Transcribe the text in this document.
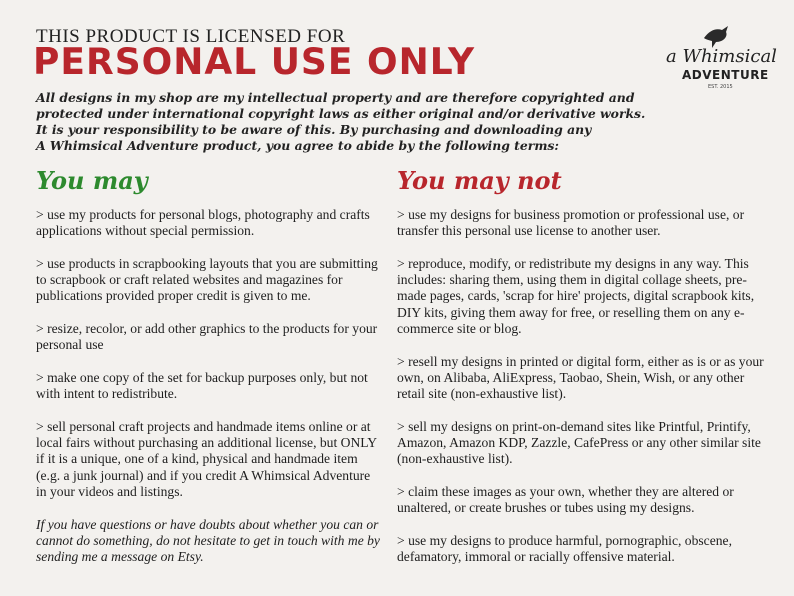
THIS PRODUCT IS LICENSED FOR
PERSONAL USE ONLY	a Whimsical
ADVENTURE
EST. 2015
All designs in my shop are my intellectual property and are therefore copyrighted and
protected under international copyright laws as either original and/or derivative works.
It is your responsibility to be aware of this. By purchasing and downloading any
A Whimsical Adventure product, you agree to abide by the following terms:
You may	You may not

> use my products for personal blogs, photography and crafts applications without special permission.

> use products in scrapbooking layouts that you are submitting to scrapbook or craft related websites and magazines for publications provided proper credit is given to me.

> resize, recolor, or add other graphics to the products for your personal use

> make one copy of the set for backup purposes only, but not with intent to redistribute.

> sell personal craft projects and handmade items online or at local fairs without purchasing an additional license, but ONLY if it is a unique, one of a kind, physical and handmade item (e.g. a junk journal) and if you credit A Whimsical Adventure in your videos and listings.

If you have questions or have doubts about whether you can or cannot do something, do not hesitate to get in touch with me by sending me a message on Etsy.

> use my designs for business promotion or professional use, or transfer this personal use license to another user.

> reproduce, modify, or redistribute my designs in any way. This includes: sharing them, using them in digital collage sheets, pre-made pages, cards, 'scrap for hire' projects, digital scrapbook kits, DIY kits, giving them away for free, or reselling them on any e-commerce site or blog.

> resell my designs in printed or digital form, either as is or as your own, on Alibaba, AliExpress, Taobao, Shein, Wish, or any other retail site (non-exhaustive list).

> sell my designs on print-on-demand sites like Printful, Printify, Amazon, Amazon KDP, Zazzle, CafePress or any other similar site (non-exhaustive list).

> claim these images as your own, whether they are altered or unaltered, or create brushes or tubes using my designs.

> use my designs to produce harmful, pornographic, obscene, defamatory, immoral or racially offensive material.
